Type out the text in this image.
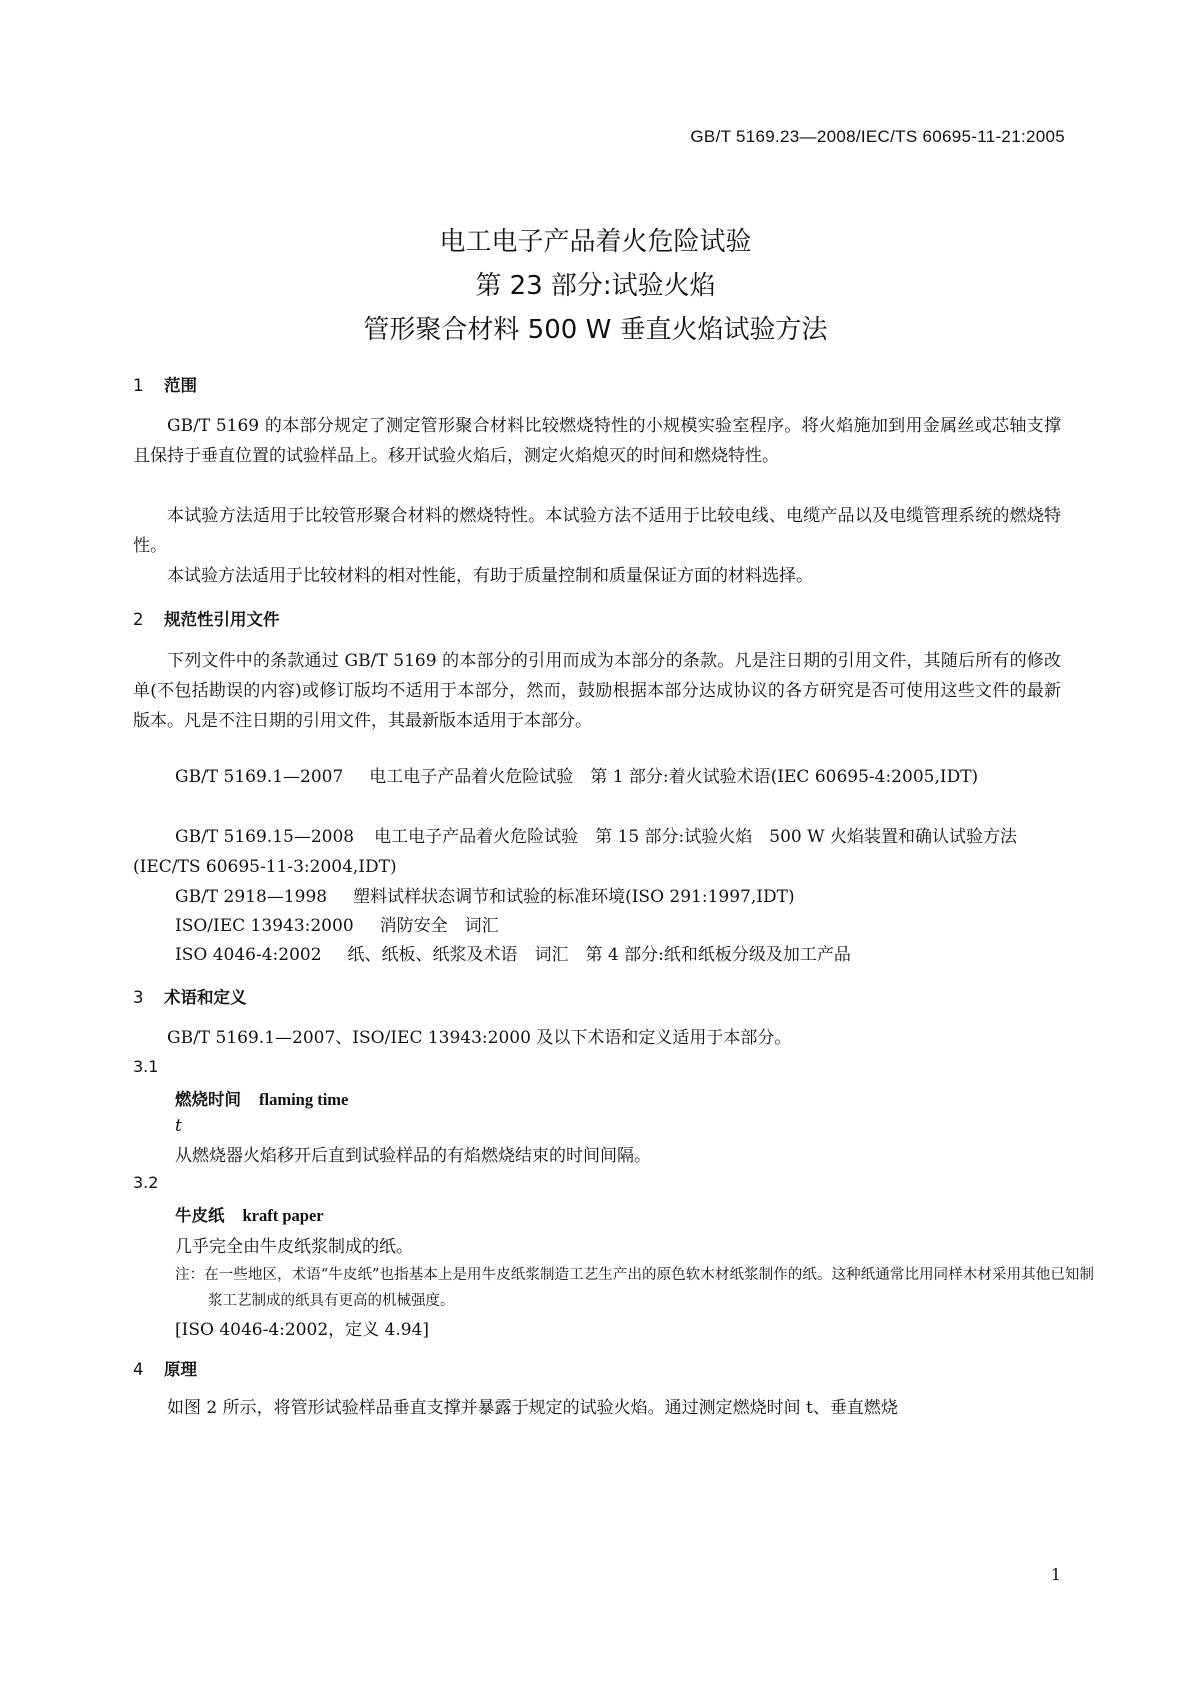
GB/T 5169.23—2008/IEC/TS 60695-11-21:2005
电工电子产品着火危险试验
第 23 部分:试验火焰
管形聚合材料 500 W 垂直火焰试验方法
1 范围

GB/T 5169 的本部分规定了测定管形聚合材料比较燃烧特性的小规模实验室程序。将火焰施加到用金属丝或芯轴支撑且保持于垂直位置的试验样品上。移开试验火焰后，测定火焰熄灭的时间和燃烧特性。

本试验方法适用于比较管形聚合材料的燃烧特性。本试验方法不适用于比较电线、电缆产品以及电缆管理系统的燃烧特性。

本试验方法适用于比较材料的相对性能，有助于质量控制和质量保证方面的材料选择。

2 规范性引用文件

下列文件中的条款通过 GB/T 5169 的本部分的引用而成为本部分的条款。凡是注日期的引用文件，其随后所有的修改单(不包括勘误的内容)或修订版均不适用于本部分，然而，鼓励根据本部分达成协议的各方研究是否可使用这些文件的最新版本。凡是不注日期的引用文件，其最新版本适用于本部分。

GB/T 5169.1—2007 电工电子产品着火危险试验　第 1 部分:着火试验术语(IEC 60695-4:2005,IDT)

GB/T 5169.15—2008 电工电子产品着火危险试验　第 15 部分:试验火焰　500 W 火焰装置和确认试验方法(IEC/TS 60695-11-3:2004,IDT)

GB/T 2918—1998 塑料试样状态调节和试验的标准环境(ISO 291:1997,IDT)

ISO/IEC 13943:2000 消防安全　词汇

ISO 4046-4:2002 纸、纸板、纸浆及术语　词汇　第 4 部分:纸和纸板分级及加工产品

3 术语和定义

GB/T 5169.1—2007、ISO/IEC 13943:2000 及以下术语和定义适用于本部分。

3.1
燃烧时间 flaming time
t
从燃烧器火焰移开后直到试验样品的有焰燃烧结束的时间间隔。
3.2
牛皮纸 kraft paper
几乎完全由牛皮纸浆制成的纸。

注：在一些地区，术语“牛皮纸”也指基本上是用牛皮纸浆制造工艺生产出的原色软木材纸浆制作的纸。这种纸通常比用同样木材采用其他已知制浆工艺制成的纸具有更高的机械强度。

[ISO 4046-4:2002，定义 4.94]
4 原理

如图 2 所示，将管形试验样品垂直支撑并暴露于规定的试验火焰。通过测定燃烧时间 t、垂直燃烧

1
